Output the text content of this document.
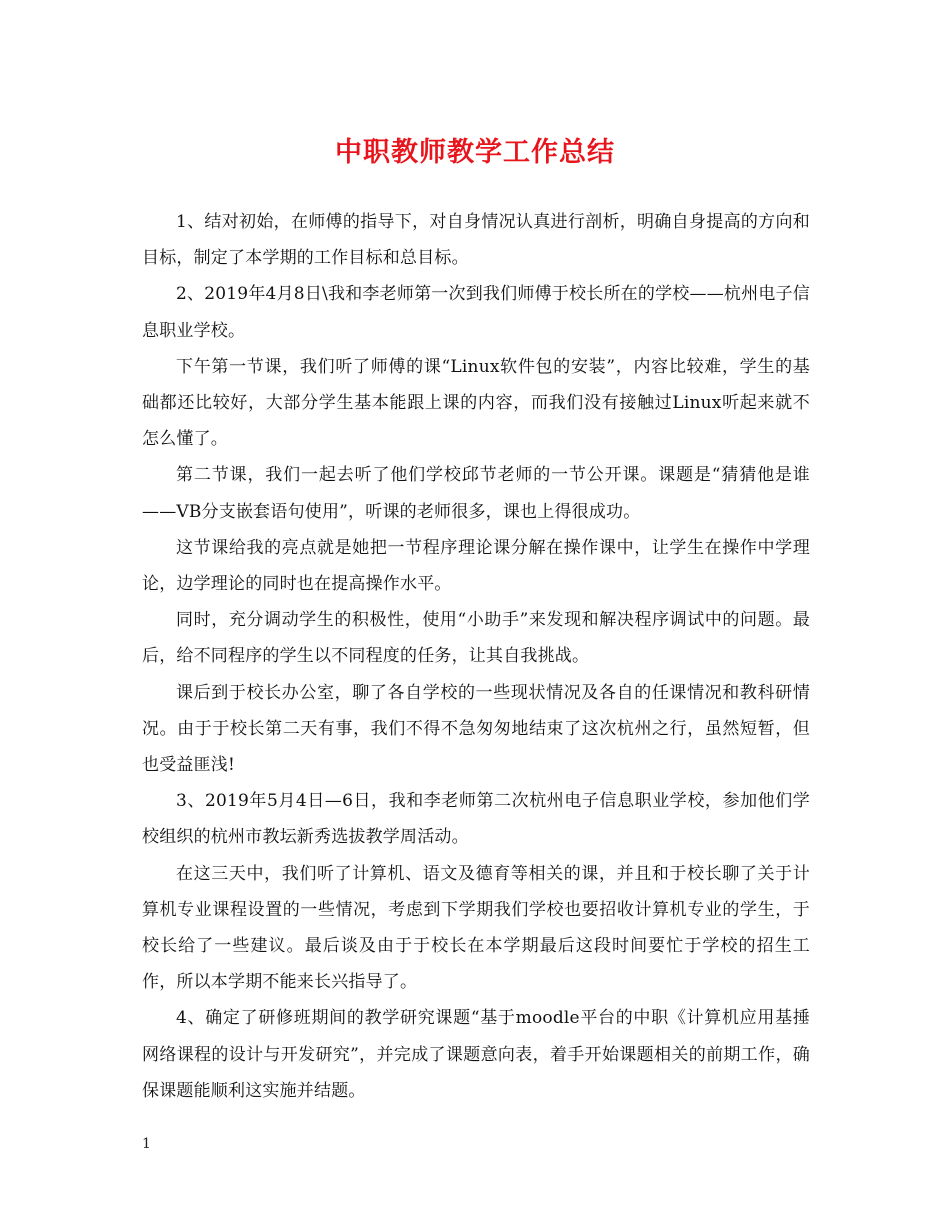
中职教师教学工作总结

1、结对初始，在师傅的指导下，对自身情况认真进行剖析，明确自身提高的方向和目标，制定了本学期的工作目标和总目标。

2、2019年4月8日\我和李老师第一次到我们师傅于校长所在的学校——杭州电子信息职业学校。

下午第一节课，我们听了师傅的课“Linux软件包的安装”，内容比较难，学生的基础都还比较好，大部分学生基本能跟上课的内容，而我们没有接触过Linux听起来就不怎么懂了。

第二节课，我们一起去听了他们学校邱节老师的一节公开课。课题是“猜猜他是谁——VB分支嵌套语句使用”，听课的老师很多，课也上得很成功。

这节课给我的亮点就是她把一节程序理论课分解在操作课中，让学生在操作中学理论，边学理论的同时也在提高操作水平。

同时，充分调动学生的积极性，使用“小助手”来发现和解决程序调试中的问题。最后，给不同程序的学生以不同程度的任务，让其自我挑战。

课后到于校长办公室，聊了各自学校的一些现状情况及各自的任课情况和教科研情况。由于于校长第二天有事，我们不得不急匆匆地结束了这次杭州之行，虽然短暂，但也受益匪浅!

3、2019年5月4日—6日，我和李老师第二次杭州电子信息职业学校，参加他们学校组织的杭州市教坛新秀选拔教学周活动。

在这三天中，我们听了计算机、语文及德育等相关的课，并且和于校长聊了关于计算机专业课程设置的一些情况，考虑到下学期我们学校也要招收计算机专业的学生，于校长给了一些建议。最后谈及由于于校长在本学期最后这段时间要忙于学校的招生工作，所以本学期不能来长兴指导了。

4、确定了研修班期间的教学研究课题“基于moodle平台的中职《计算机应用基捶网络课程的设计与开发研究”，并完成了课题意向表，着手开始课题相关的前期工作，确保课题能顺利这实施并结题。

1
